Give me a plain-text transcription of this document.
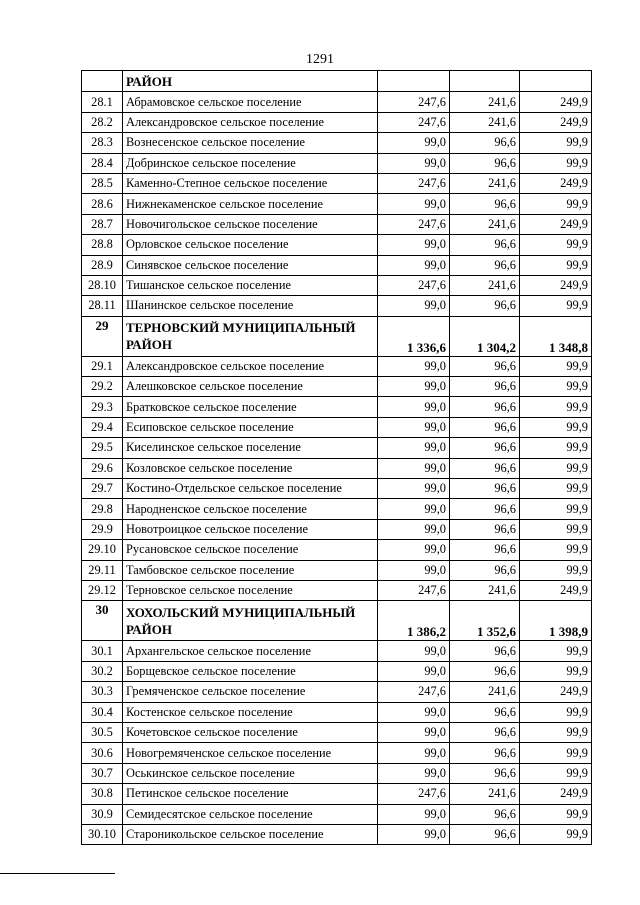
1291
	РАЙОН			
28.1	Абрамовское сельское поселение	247,6	241,6	249,9
28.2	Александровское сельское поселение	247,6	241,6	249,9
28.3	Вознесенское сельское поселение	99,0	96,6	99,9
28.4	Добринское сельское поселение	99,0	96,6	99,9
28.5	Каменно-Степное сельское поселение	247,6	241,6	249,9
28.6	Нижнекаменское сельское поселение	99,0	96,6	99,9
28.7	Новочигольское сельское поселение	247,6	241,6	249,9
28.8	Орловское сельское поселение	99,0	96,6	99,9
28.9	Синявское сельское поселение	99,0	96,6	99,9
28.10	Тишанское сельское поселение	247,6	241,6	249,9
28.11	Шанинское сельское поселение	99,0	96,6	99,9
29	ТЕРНОВСКИЙ МУНИЦИПАЛЬНЫЙ РАЙОН	1 336,6	1 304,2	1 348,8
29.1	Александровское сельское поселение	99,0	96,6	99,9
29.2	Алешковское сельское поселение	99,0	96,6	99,9
29.3	Братковское сельское поселение	99,0	96,6	99,9
29.4	Есиповское сельское поселение	99,0	96,6	99,9
29.5	Киселинское сельское поселение	99,0	96,6	99,9
29.6	Козловское сельское поселение	99,0	96,6	99,9
29.7	Костино-Отдельское сельское поселение	99,0	96,6	99,9
29.8	Народненское сельское поселение	99,0	96,6	99,9
29.9	Новотроицкое сельское поселение	99,0	96,6	99,9
29.10	Русановское сельское поселение	99,0	96,6	99,9
29.11	Тамбовское сельское поселение	99,0	96,6	99,9
29.12	Терновское сельское поселение	247,6	241,6	249,9
30	ХОХОЛЬСКИЙ МУНИЦИПАЛЬНЫЙ РАЙОН	1 386,2	1 352,6	1 398,9
30.1	Архангельское сельское поселение	99,0	96,6	99,9
30.2	Борщевское сельское поселение	99,0	96,6	99,9
30.3	Гремяченское сельское поселение	247,6	241,6	249,9
30.4	Костенское сельское поселение	99,0	96,6	99,9
30.5	Кочетовское сельское поселение	99,0	96,6	99,9
30.6	Новогремяченское сельское поселение	99,0	96,6	99,9
30.7	Оськинское сельское поселение	99,0	96,6	99,9
30.8	Петинское сельское поселение	247,6	241,6	249,9
30.9	Семидесятское сельское поселение	99,0	96,6	99,9
30.10	Староникольское сельское поселение	99,0	96,6	99,9
